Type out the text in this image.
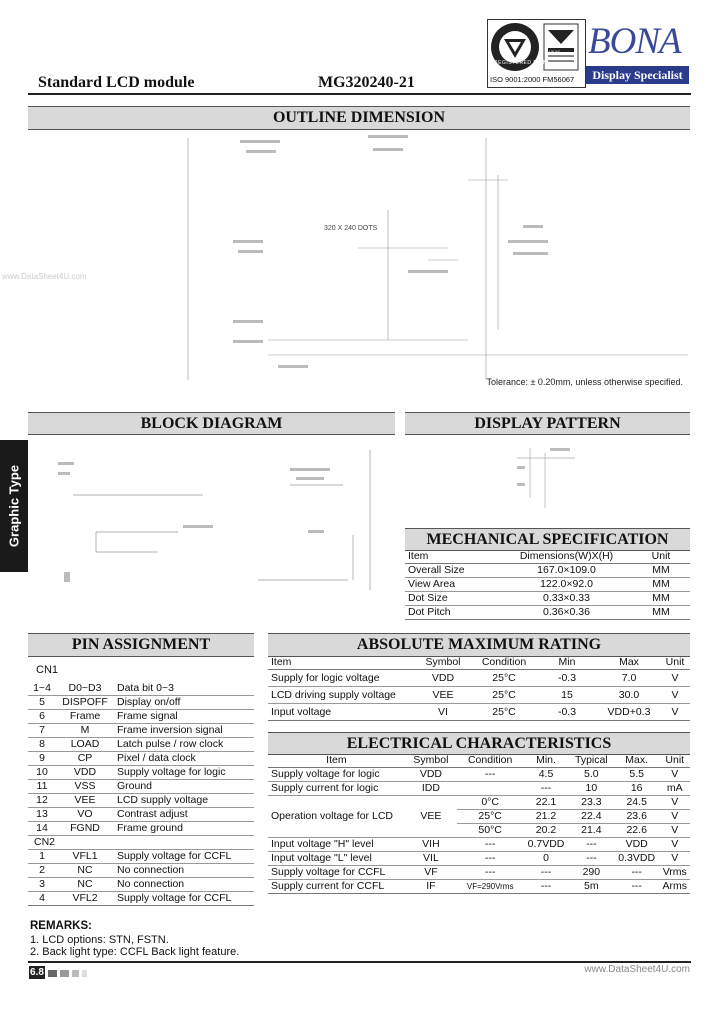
Standard LCD module	MG320240-21
REGISTERED FIRM
UKAS
ISO 9001:2000 FM56067
BONA
Display Specialist
OUTLINE DIMENSION
320 X 240 DOTS
Tolerance: ± 0.20mm, unless otherwise specified.
www.DataSheet4U.com
BLOCK DIAGRAM	DISPLAY PATTERN
MECHANICAL SPECIFICATION
Item	Dimensions(W)X(H)	Unit
Overall Size	167.0×109.0	MM
View Area	122.0×92.0	MM
Dot Size	0.33×0.33	MM
Dot Pitch	0.36×0.36	MM
Graphic Type
PIN ASSIGNMENT
CN1
1~4	D0~D3	Data bit 0~3
5	DISPOFF	Display on/off
6	Frame	Frame signal
7	M	Frame inversion signal
8	LOAD	Latch pulse / row clock
9	CP	Pixel / data clock
10	VDD	Supply voltage for logic
11	VSS	Ground
12	VEE	LCD supply voltage
13	VO	Contrast adjust
14	FGND	Frame ground
CN2		
1	VFL1	Supply voltage for CCFL
2	NC	No connection
3	NC	No connection
4	VFL2	Supply voltage for CCFL
ABSOLUTE MAXIMUM RATING
Item	Symbol	Condition	Min	Max	Unit
Supply for logic voltage	VDD	25°C	-0.3	7.0	V
LCD driving supply voltage	VEE	25°C	15	30.0	V
Input voltage	VI	25°C	-0.3	VDD+0.3	V
ELECTRICAL CHARACTERISTICS
Item	Symbol	Condition	Min.	Typical	Max.	Unit
Supply voltage for logic	VDD	---	4.5	5.0	5.5	V
Supply current for logic	IDD		---	10	16	mA
Operation voltage for LCD	VEE	0°C	22.1	23.3	24.5	V
		25°C	21.2	22.4	23.6	V
		50°C	20.2	21.4	22.6	V
Input voltage "H" level	VIH	---	0.7VDD	---	VDD	V
Input voltage "L" level	VIL	---	0	---	0.3VDD	V
Supply voltage for CCFL	VF	---	---	290	---	Vrms
Supply current for CCFL	IF	VF=290Vrms	---	5m	---	Arms
REMARKS:
1. LCD options: STN, FSTN.
2. Back light type: CCFL Back light feature.
6.8	www.DataSheet4U.com
